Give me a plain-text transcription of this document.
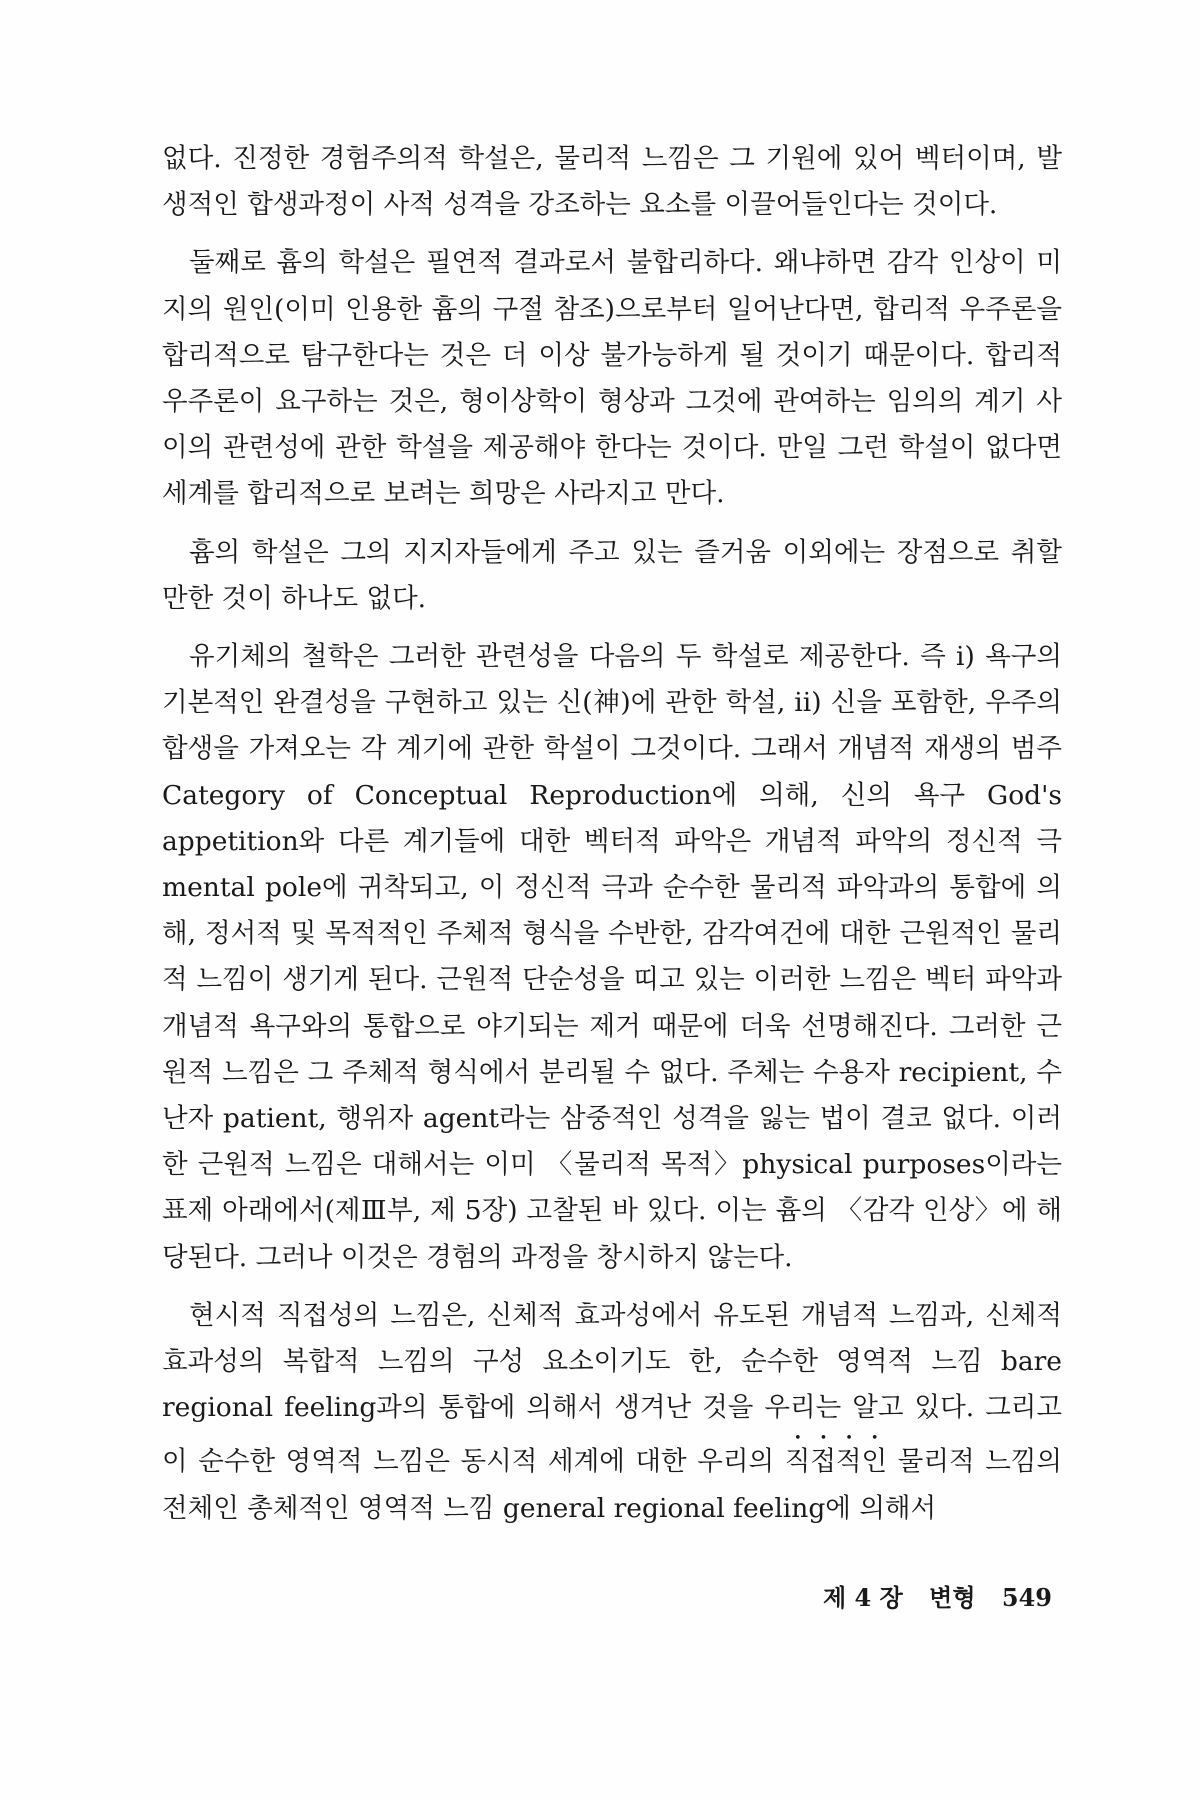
없다. 진정한 경험주의적 학설은, 물리적 느낌은 그 기원에 있어 벡터이며, 발생적인 합생과정이 사적 성격을 강조하는 요소를 이끌어들인다는 것이다.

둘째로 흄의 학설은 필연적 결과로서 불합리하다. 왜냐하면 감각 인상이 미지의 원인(이미 인용한 흄의 구절 참조)으로부터 일어난다면, 합리적 우주론을 합리적으로 탐구한다는 것은 더 이상 불가능하게 될 것이기 때문이다. 합리적 우주론이 요구하는 것은, 형이상학이 형상과 그것에 관여하는 임의의 계기 사이의 관련성에 관한 학설을 제공해야 한다는 것이다. 만일 그런 학설이 없다면 세계를 합리적으로 보려는 희망은 사라지고 만다.

흄의 학설은 그의 지지자들에게 주고 있는 즐거움 이외에는 장점으로 취할 만한 것이 하나도 없다.

유기체의 철학은 그러한 관련성을 다음의 두 학설로 제공한다. 즉 i) 욕구의 기본적인 완결성을 구현하고 있는 신(神)에 관한 학설, ii) 신을 포함한, 우주의 합생을 가져오는 각 계기에 관한 학설이 그것이다. 그래서 개념적 재생의 범주 Category of Conceptual Reproduction에 의해, 신의 욕구 God's appetition와 다른 계기들에 대한 벡터적 파악은 개념적 파악의 정신적 극 mental pole에 귀착되고, 이 정신적 극과 순수한 물리적 파악과의 통합에 의해, 정서적 및 목적적인 주체적 형식을 수반한, 감각여건에 대한 근원적인 물리적 느낌이 생기게 된다. 근원적 단순성을 띠고 있는 이러한 느낌은 벡터 파악과 개념적 욕구와의 통합으로 야기되는 제거 때문에 더욱 선명해진다. 그러한 근원적 느낌은 그 주체적 형식에서 분리될 수 없다. 주체는 수용자 recipient, 수난자 patient, 행위자 agent라는 삼중적인 성격을 잃는 법이 결코 없다. 이러한 근원적 느낌은 대해서는 이미 〈물리적 목적〉physical purposes이라는 표제 아래에서(제Ⅲ부, 제 5장) 고찰된 바 있다. 이는 흄의 〈감각 인상〉에 해당된다. 그러나 이것은 경험의 과정을 창시하지 않는다.

현시적 직접성의 느낌은, 신체적 효과성에서 유도된 개념적 느낌과, 신체적 효과성의 복합적 느낌의 구성 요소이기도 한, 순수한 영역적 느낌 bare regional feeling과의 통합에 의해서 생겨난 것을 우리는 알고 있다. 그리고 이 순수한 영역적 느낌은 동시적 세계에 대한 우리의 직접적인 물리적 느낌의 전체인 총체적인 영역적 느낌 general regional feeling에 의해서

제 4 장 변형 549
